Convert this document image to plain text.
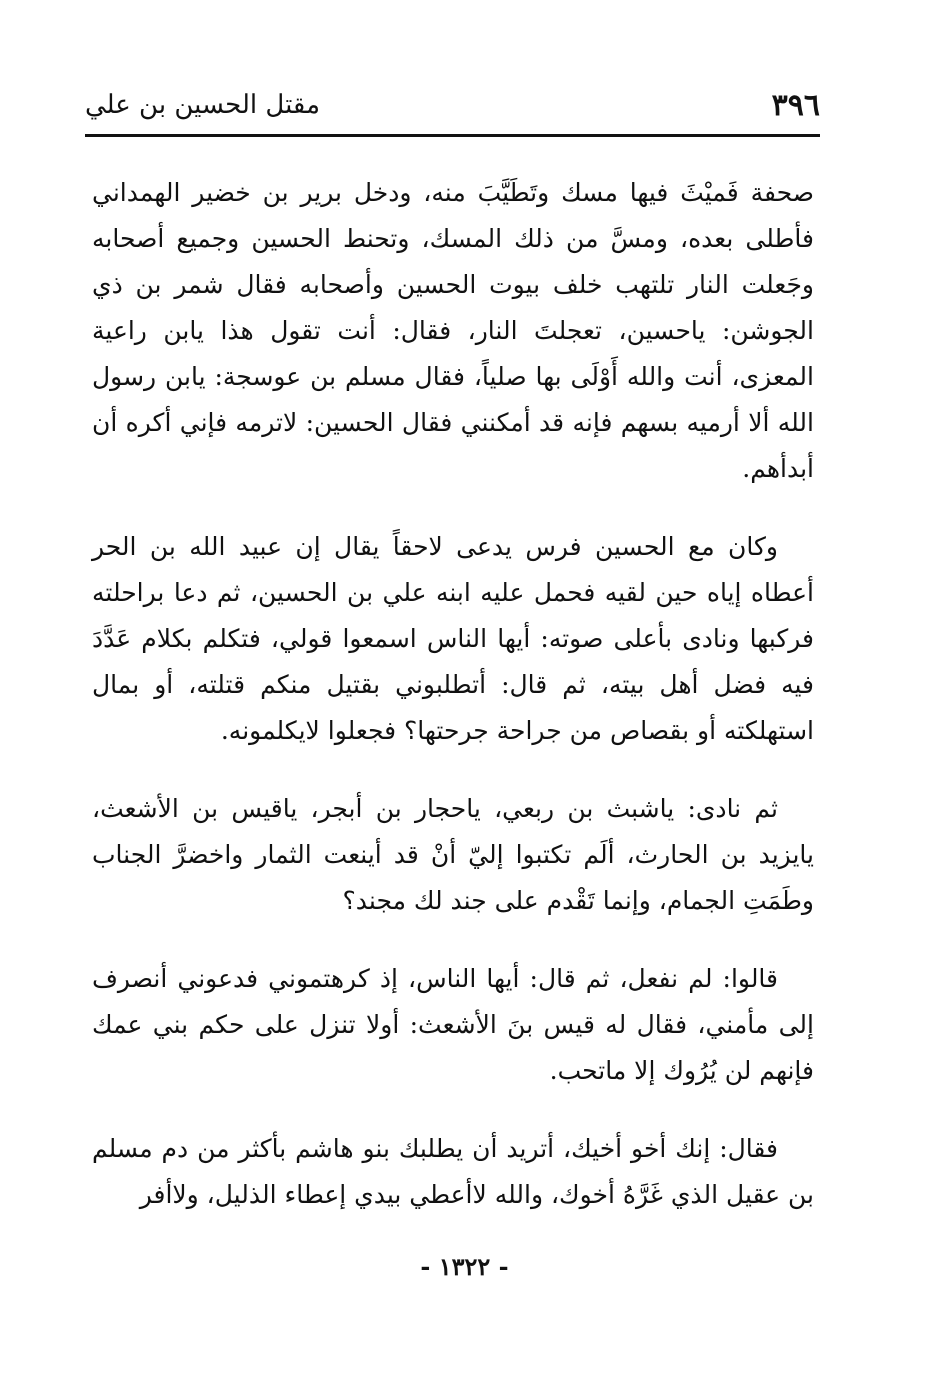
٣٩٦
مقتل الحسين بن علي

صحفة فَميْثَ فيها مسك وتَطَيَّبَ منه، ودخل برير بن خضير الهمداني فأطلى بعده، ومسَّ من ذلك المسك، وتحنط الحسين وجميع أصحابه وجَعلت النار تلتهب خلف بيوت الحسين وأصحابه فقال شمر بن ذي الجوشن: ياحسين، تعجلتَ النار، فقال: أنت تقول هذا يابن راعية المعزى، أنت والله أَوْلَى بها صلياً، فقال مسلم بن عوسجة: يابن رسول الله ألا أرميه بسهم فإنه قد أمكنني فقال الحسين: لاترمه فإني أكره أن أبدأهم.

وكان مع الحسين فرس يدعى لاحقاً يقال إن عبيد الله بن الحر أعطاه إياه حين لقيه فحمل عليه ابنه علي بن الحسين، ثم دعا براحلته فركبها ونادى بأعلى صوته: أيها الناس اسمعوا قولي، فتكلم بكلام عَدَّدَ فيه فضل أهل بيته، ثم قال: أتطلبوني بقتيل منكم قتلته، أو بمال استهلكته أو بقصاص من جراحة جرحتها؟ فجعلوا لايكلمونه.

ثم نادى: ياشبث بن ربعي، ياحجار بن أبجر، ياقيس بن الأشعث، يايزيد بن الحارث، ألَم تكتبوا إليّ أنْ قد أينعت الثمار واخضرَّ الجناب وطَمَتِ الجمام، وإنما تَقْدم على جند لك مجند؟

قالوا: لم نفعل، ثم قال: أيها الناس، إذ كرهتموني فدعوني أنصرف إلى مأمني، فقال له قيس بنَ الأشعث: أولا تنزل على حكم بني عمك فإنهم لن يُرُوك إلا ماتحب.

فقال: إنك أخو أخيك، أتريد أن يطلبك بنو هاشم بأكثر من دم مسلم بن عقيل الذي غَرَّهُ أخوك، والله لاأعطي بيدي إعطاء الذليل، ولاأفر

- ١٣٢٢ -
